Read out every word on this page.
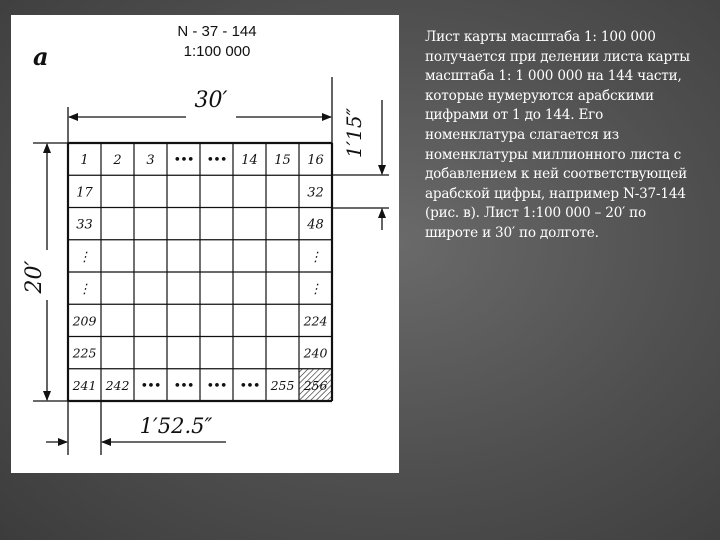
а
N - 37 - 144
1:100 000
30′
20′
1′15″
1′52.5″
1 2 3 ••• ••• 14 15 16
17	32
33	48
⋮	⋮
⋮	⋮
209	224
225	240
241 242 ••• ••• ••• ••• 255 256
Лист карты масштаба 1: 100 000 получается при делении листа карты масштаба 1: 1 000 000 на 144 части, которые нумеруются арабскими цифрами от 1 до 144. Его номенклатура слагается из номенклатуры миллионного листа с добавлением к ней соответствующей арабской цифры, например N-37-144 (рис. в). Лист 1:100 000 – 20′ по широте и 30′ по долготе.
